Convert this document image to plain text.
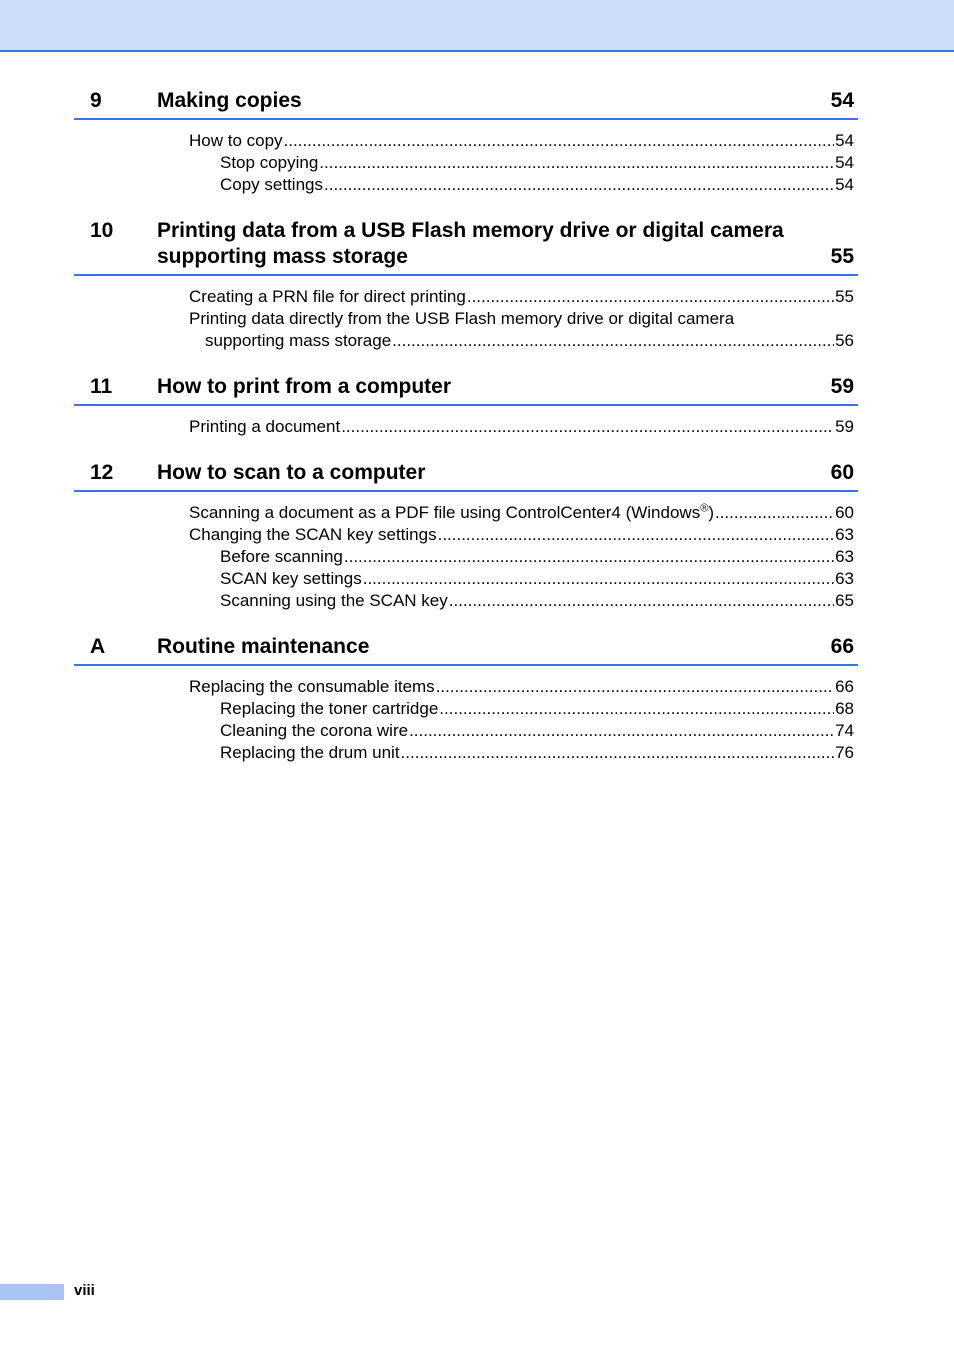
9	Making copies	54
How to copy .....	54
Stop copying .....	54
Copy settings .....	54
10	Printing data from a USB Flash memory drive or digital camera
supporting mass storage	55
Creating a PRN file for direct printing .....	55
Printing data directly from the USB Flash memory drive or digital camera
supporting mass storage .....	56
11	How to print from a computer	59
Printing a document .....	59
12	How to scan to a computer	60
Scanning a document as a PDF file using ControlCenter4 (Windows®) .....	60
Changing the SCAN key settings .....	63
Before scanning .....	63
SCAN key settings .....	63
Scanning using the SCAN key .....	65
A	Routine maintenance	66
Replacing the consumable items .....	66
Replacing the toner cartridge .....	68
Cleaning the corona wire .....	74
Replacing the drum unit .....	76
viii
